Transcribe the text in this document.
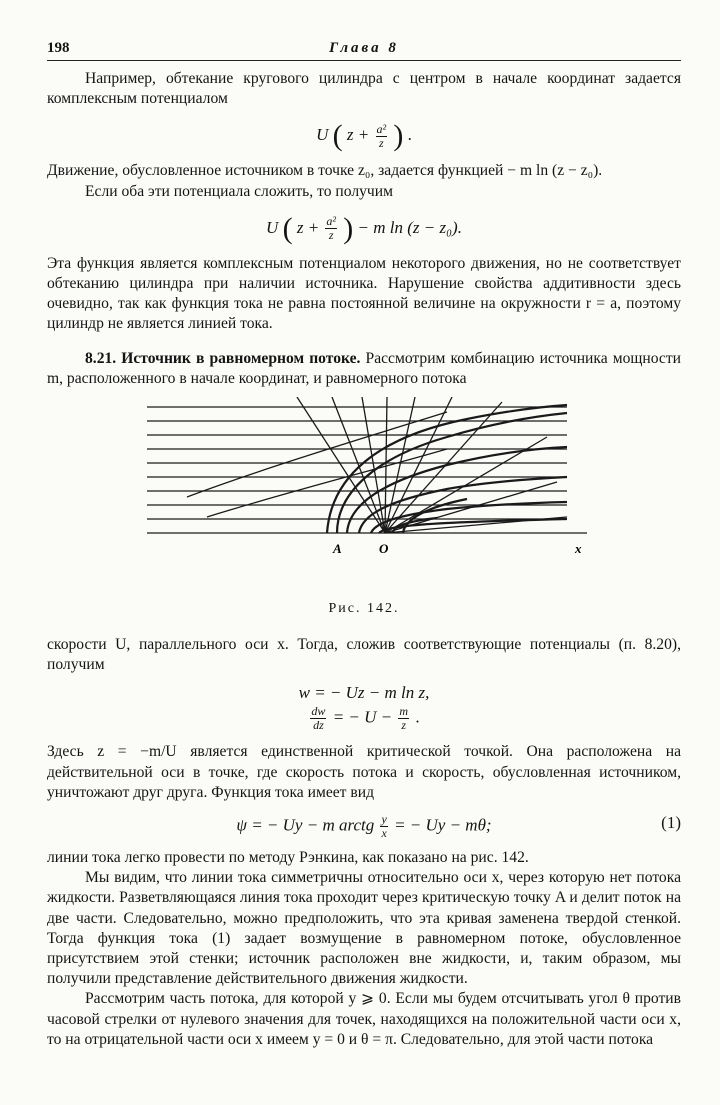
198	Глава 8

Например, обтекание кругового цилиндра с центром в начале координат задается комплексным потенциалом

U ( $z + \frac{\text{a²}}{z}$ ) .

Движение, обусловленное источником в точке z₀, задается функцией − m ln (z − z₀).

Если оба эти потенциала сложить, то получим

U ( $z + \frac{\text{a²}}{z}$ ) − m ln (z − z₀).

Эта функция является комплексным потенциалом некоторого движения, но не соответствует обтеканию цилиндра при наличии источника. Нарушение свойства аддитивности здесь очевидно, так как функция тока не равна постоянной величине на окружности r = a, поэтому цилиндр не является линией тока.

8.21. Источник в равномерном потоке. Рассмотрим комбинацию источника мощности m, расположенного в начале координат, и равномерного потока

A	O	x
Рис. 142.

скорости U, параллельного оси x. Тогда, сложив соответствующие потенциалы (п. 8.20), получим

w = − Uz − m ln z,
$\frac{dw}{dz}$ = − $U - \frac{m}{z}$ .

Здесь z = −m/U является единственной критической точкой. Она расположена на действительной оси в точке, где скорость потока и скорость, обусловленная источником, уничтожают друг друга. Функция тока имеет вид

ψ = − Uy − m arctg $\frac{y}{x}$ = − Uy − mθ;	(1)

линии тока легко провести по методу Рэнкина, как показано на рис. 142.

Мы видим, что линии тока симметричны относительно оси x, через которую нет потока жидкости. Разветвляющаяся линия тока проходит через критическую точку A и делит поток на две части. Следовательно, можно предположить, что эта кривая заменена твердой стенкой. Тогда функция тока (1) задает возмущение в равномерном потоке, обусловленное присутствием этой стенки; источник расположен вне жидкости, и, таким образом, мы получили представление действительного движения жидкости.

Рассмотрим часть потока, для которой y ⩾ 0. Если мы будем отсчитывать угол θ против часовой стрелки от нулевого значения для точек, находящихся на положительной части оси x, то на отрицательной части оси x имеем y = 0 и θ = π. Следовательно, для этой части потока
